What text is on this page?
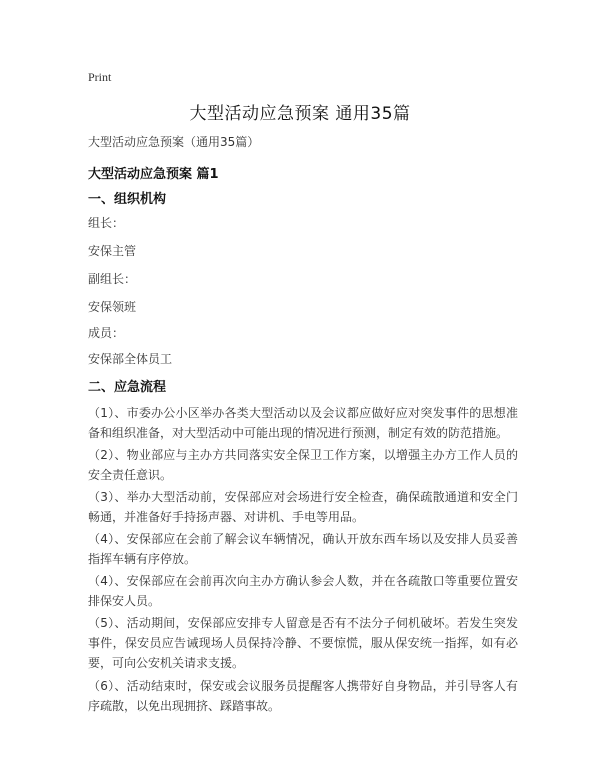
Print
大型活动应急预案 通用35篇
大型活动应急预案（通用35篇）
大型活动应急预案 篇1
一、组织机构
组长：
安保主管
副组长：
安保领班
成员：
安保部全体员工
二、应急流程
（1）、市委办公小区举办各类大型活动以及会议都应做好应对突发事件的思想准备和组织准备，对大型活动中可能出现的情况进行预测，制定有效的防范措施。
（2）、物业部应与主办方共同落实安全保卫工作方案，以增强主办方工作人员的安全责任意识。
（3）、举办大型活动前，安保部应对会场进行安全检查，确保疏散通道和安全门畅通，并准备好手持扬声器、对讲机、手电等用品。
（4）、安保部应在会前了解会议车辆情况，确认开放东西车场以及安排人员妥善指挥车辆有序停放。
（4）、安保部应在会前再次向主办方确认参会人数，并在各疏散口等重要位置安排保安人员。
（5）、活动期间，安保部应安排专人留意是否有不法分子伺机破坏。若发生突发事件，保安员应告诫现场人员保持冷静、不要惊慌，服从保安统一指挥，如有必要，可向公安机关请求支援。
（6）、活动结束时，保安或会议服务员提醒客人携带好自身物品，并引导客人有序疏散，以免出现拥挤、踩踏事故。
